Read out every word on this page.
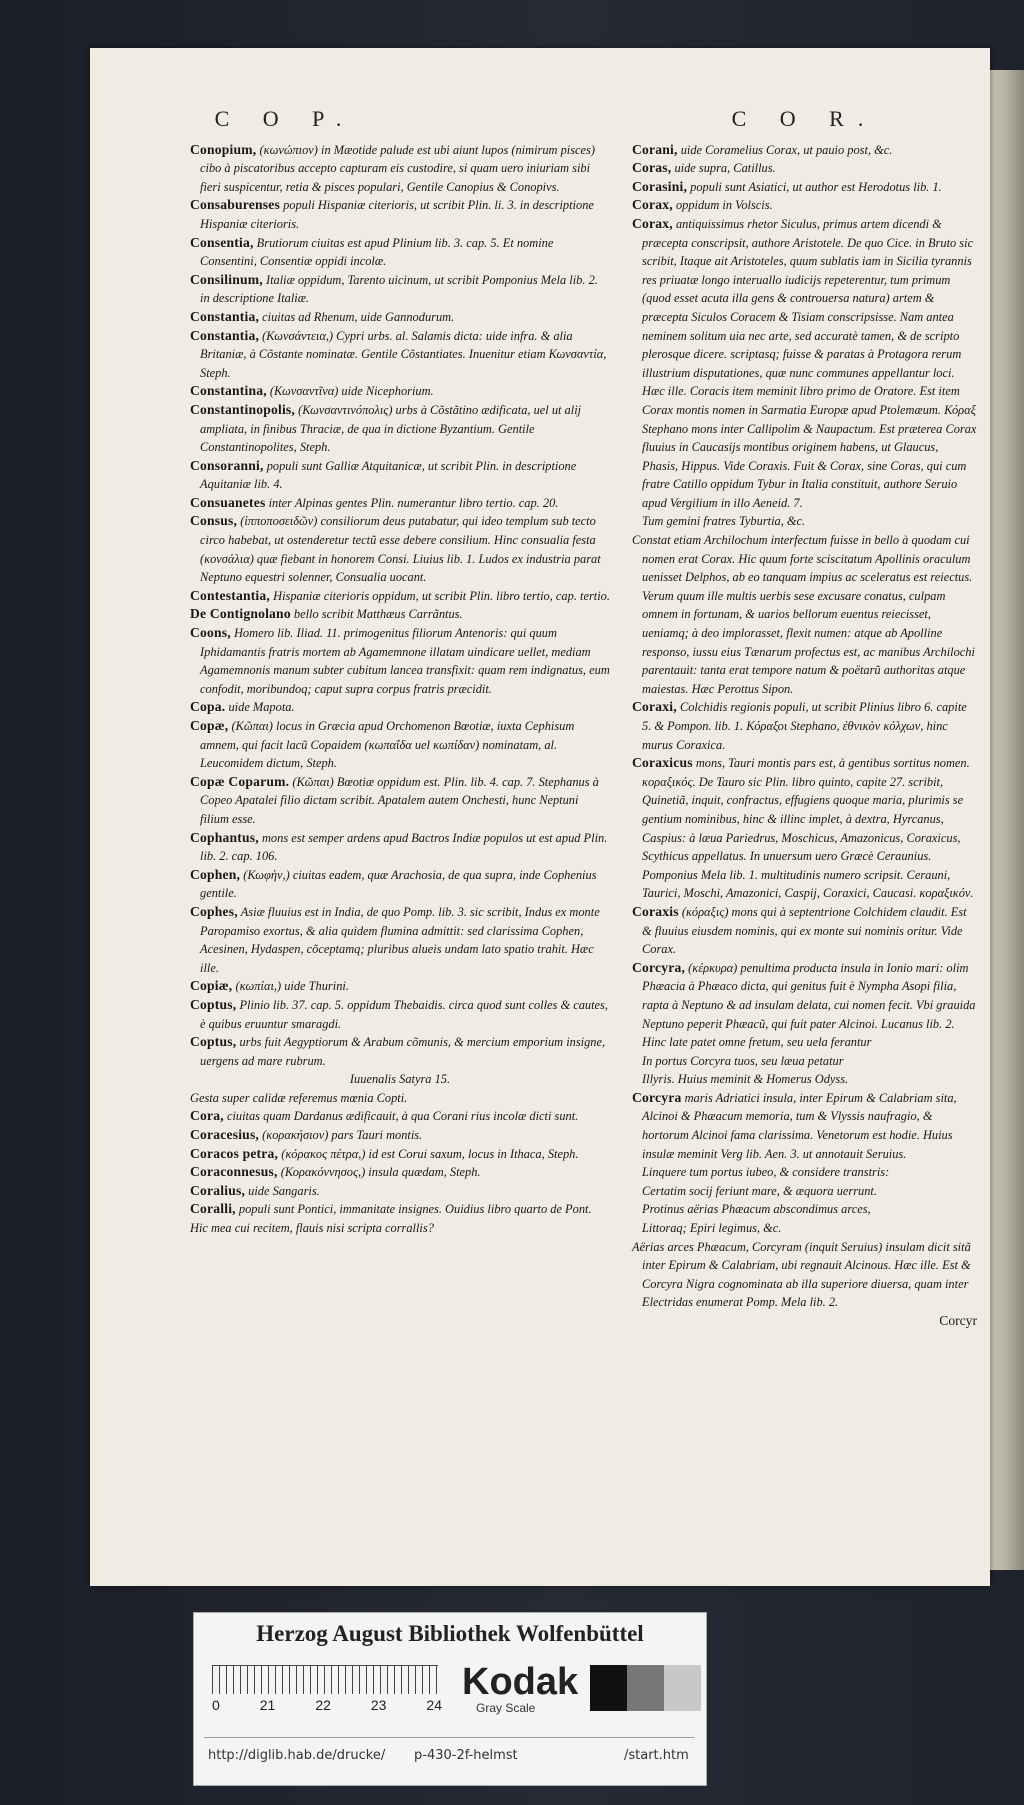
C O P.

Conopium, (κωνώπιον) in Mæotide palude est ubi aiunt lupos (nimirum pisces) cibo à piscatoribus accepto capturam eis custodire, si quam uero iniuriam sibi fieri suspicentur, retia & pisces populari, Gentile Canopius & Conopivs.

Consaburenses populi Hispaniæ citerioris, ut scribit Plin. li. 3. in descriptione Hispaniæ citerioris.

Consentia, Brutiorum ciuitas est apud Plinium lib. 3. cap. 5. Et nomine Consentini, Consentiæ oppidi incolæ.

Consilinum, Italiæ oppidum, Tarento uicinum, ut scribit Pomponius Mela lib. 2. in descriptione Italiæ.

Constantia, ciuitas ad Rhenum, uide Gannodurum.

Constantia, (Κωνσάντεια,) Cypri urbs. al. Salamis dicta: uide infra. & alia Britaniæ, à Cõstante nominatæ. Gentile Cõstantiates. Inuenitur etiam Κωνσαντία, Steph.

Constantina, (Κωνσαντῖνα) uide Nicephorium.

Constantinopolis, (Κωνσαντινόπολις) urbs à Cõstãtino ædificata, uel ut alij ampliata, in finibus Thraciæ, de qua in dictione Byzantium. Gentile Constantinopolites, Steph.

Consoranni, populi sunt Galliæ Atquitanicæ, ut scribit Plin. in descriptione Aquitaniæ lib. 4.

Consuanetes inter Alpinas gentes Plin. numerantur libro tertio. cap. 20.

Consus, (ἱπποποσειδῶν) consiliorum deus putabatur, qui ideo templum sub tecto circo habebat, ut ostenderetur tectũ esse debere consilium. Hinc consualia festa (κονσάλια) quæ fiebant in honorem Consi. Liuius lib. 1. Ludos ex industria parat Neptuno equestri solenner, Consualia uocant.

Contestantia, Hispaniæ citerioris oppidum, ut scribit Plin. libro tertio, cap. tertio.

De Contignolano bello scribit Matthæus Carrãntus.

Coons, Homero lib. Iliad. 11. primogenitus filiorum Antenoris: qui quum Iphidamantis fratris mortem ab Agamemnone illatam uindicare uellet, mediam Agamemnonis manum subter cubitum lancea transfixit: quam rem indignatus, eum confodit, moribundoq; caput supra corpus fratris præcidit.

Copa. uide Mapota.

Copæ, (Κῶπαι) locus in Græcia apud Orchomenon Bœotiæ, iuxta Cephisum amnem, qui facit lacũ Copaidem (κωπαΐδα uel κωπίδαν) nominatam, al. Leucomidem dictum, Steph.

Copæ Coparum. (Κῶπαι) Bœotiæ oppidum est. Plin. lib. 4. cap. 7. Stephanus à Copeo Apatalei filio dictam scribit. Apatalem autem Onchesti, hunc Neptuni filium esse.

Cophantus, mons est semper ardens apud Bactros Indiæ populos ut est apud Plin. lib. 2. cap. 106.

Cophen, (Κωφὴν,) ciuitas eadem, quæ Arachosia, de qua supra, inde Cophenius gentile.

Cophes, Asiæ fluuius est in India, de quo Pomp. lib. 3. sic scribit, Indus ex monte Paropamiso exortus, & alia quidem flumina admittit: sed clarissima Cophen, Acesinen, Hydaspen, cõceptamq; pluribus alueis undam lato spatio trahit. Hæc ille.

Copiæ, (κωπίαι,) uide Thurini.

Coptus, Plinio lib. 37. cap. 5. oppidum Thebaidis. circa quod sunt colles & cautes, è quibus eruuntur smaragdi.

Coptus, urbs fuit Aegyptiorum & Arabum cõmunis, & mercium emporium insigne, uergens ad mare rubrum.

Iuuenalis Satyra 15.

Gesta super calidæ referemus mœnia Copti.

Cora, ciuitas quam Dardanus ædificauit, à qua Corani rius incolæ dicti sunt.

Coracesius, (κορακήσιον) pars Tauri montis.

Coracos petra, (κόρακος πέτρα,) id est Corui saxum, locus in Ithaca, Steph.

Coraconnesus, (Κορακόννησος,) insula quædam, Steph.

Coralius, uide Sangaris.

Coralli, populi sunt Pontici, immanitate insignes. Ouidius libro quarto de Pont.

Hic mea cui recitem, flauis nisi scripta corrallis?

C O R.

Corani, uide Coramelius Corax, ut pauio post, &c.

Coras, uide supra, Catillus.

Corasini, populi sunt Asiatici, ut author est Herodotus lib. 1.

Corax, oppidum in Volscis.

Corax, antiquissimus rhetor Siculus, primus artem dicendi & præcepta conscripsit, authore Aristotele. De quo Cice. in Bruto sic scribit, Itaque ait Aristoteles, quum sublatis iam in Sicilia tyrannis res priuatæ longo interuallo iudicijs repeterentur, tum primum (quod esset acuta illa gens & controuersa natura) artem & præcepta Siculos Coracem & Tisiam conscripsisse. Nam antea neminem solitum uia nec arte, sed accuratè tamen, & de scripto plerosque dicere. scriptasq; fuisse & paratas à Protagora rerum illustrium disputationes, quæ nunc communes appellantur loci. Hæc ille. Coracis item meminit libro primo de Oratore. Est item Corax montis nomen in Sarmatia Europæ apud Ptolemæum. Κόραξ Stephano mons inter Callipolim & Naupactum. Est præterea Corax fluuius in Caucasijs montibus originem habens, ut Glaucus, Phasis, Hippus. Vide Coraxis. Fuit & Corax, sine Coras, qui cum fratre Catillo oppidum Tybur in Italia constituit, authore Seruio apud Vergilium in illo Aeneid. 7.

Tum gemini fratres Tyburtia, &c.

Constat etiam Archilochum interfectum fuisse in bello à quodam cui nomen erat Corax. Hic quum forte sciscitatum Apollinis oraculum uenisset Delphos, ab eo tanquam impius ac sceleratus est reiectus. Verum quum ille multis uerbis sese excusare conatus, culpam omnem in fortunam, & uarios bellorum euentus reiecisset, ueniamq; à deo implorasset, flexit numen: atque ab Apolline responso, iussu eius Tænarum profectus est, ac manibus Archilochi parentauit: tanta erat tempore natum & poëtarũ authoritas atque maiestas. Hæc Perottus Sipon.

Coraxi, Colchidis regionis populi, ut scribit Plinius libro 6. capite 5. & Pompon. lib. 1. Κόραξοι Stephano, ἐθνικὸν κόλχων, hinc murus Coraxica.

Coraxicus mons, Tauri montis pars est, à gentibus sortitus nomen. κοραξικός. De Tauro sic Plin. libro quinto, capite 27. scribit, Quinetiã, inquit, confractus, effugiens quoque maria, plurimis se gentium nominibus, hinc & illinc implet, à dextra, Hyrcanus, Caspius: à læua Pariedrus, Moschicus, Amazonicus, Coraxicus, Scythicus appellatus. In unuersum uero Græcè Ceraunius. Pomponius Mela lib. 1. multitudinis numero scripsit. Cerauni, Taurici, Moschi, Amazonici, Caspij, Coraxici, Caucasi. κοραξικόν.

Coraxis (κόραξις) mons qui à septentrione Colchidem claudit. Est & fluuius eiusdem nominis, qui ex monte sui nominis oritur. Vide Corax.

Corcyra, (κέρκυρα) penultima producta insula in Ionio mari: olim Phæacia à Phæaco dicta, qui genitus fuit è Nympha Asopi filia, rapta à Neptuno & ad insulam delata, cui nomen fecit. Vbi grauida Neptuno peperit Phæacũ, qui fuit pater Alcinoi. Lucanus lib. 2.

Hinc late patet omne fretum, seu uela ferantur

In portus Corcyra tuos, seu læua petatur

Illyris. Huius meminit & Homerus Odyss.

Corcyra maris Adriatici insula, inter Epirum & Calabriam sita, Alcinoi & Phæacum memoria, tum & Vlyssis naufragio, & hortorum Alcinoi fama clarissima. Venetorum est hodie. Huius insulæ meminit Verg lib. Aen. 3. ut annotauit Seruius.

Linquere tum portus iubeo, & considere transtris:

Certatim socij feriunt mare, & æquora uerrunt.

Protinus aërias Phæacum abscondimus arces,

Littoraq; Epiri legimus, &c.

Aërias arces Phæacum, Corcyram (inquit Seruius) insulam dicit sitã inter Epirum & Calabriam, ubi regnauit Alcinous. Hæc ille. Est & Corcyra Nigra cognominata ab illa superiore diuersa, quam inter Electridas enumerat Pomp. Mela lib. 2.

Corcyr

Herzog August Bibliothek Wolfenbüttel
0	21	22	23	24
Kodak
Gray Scale
http://diglib.hab.de/drucke/ p-430-2f-helmst	/start.htm
